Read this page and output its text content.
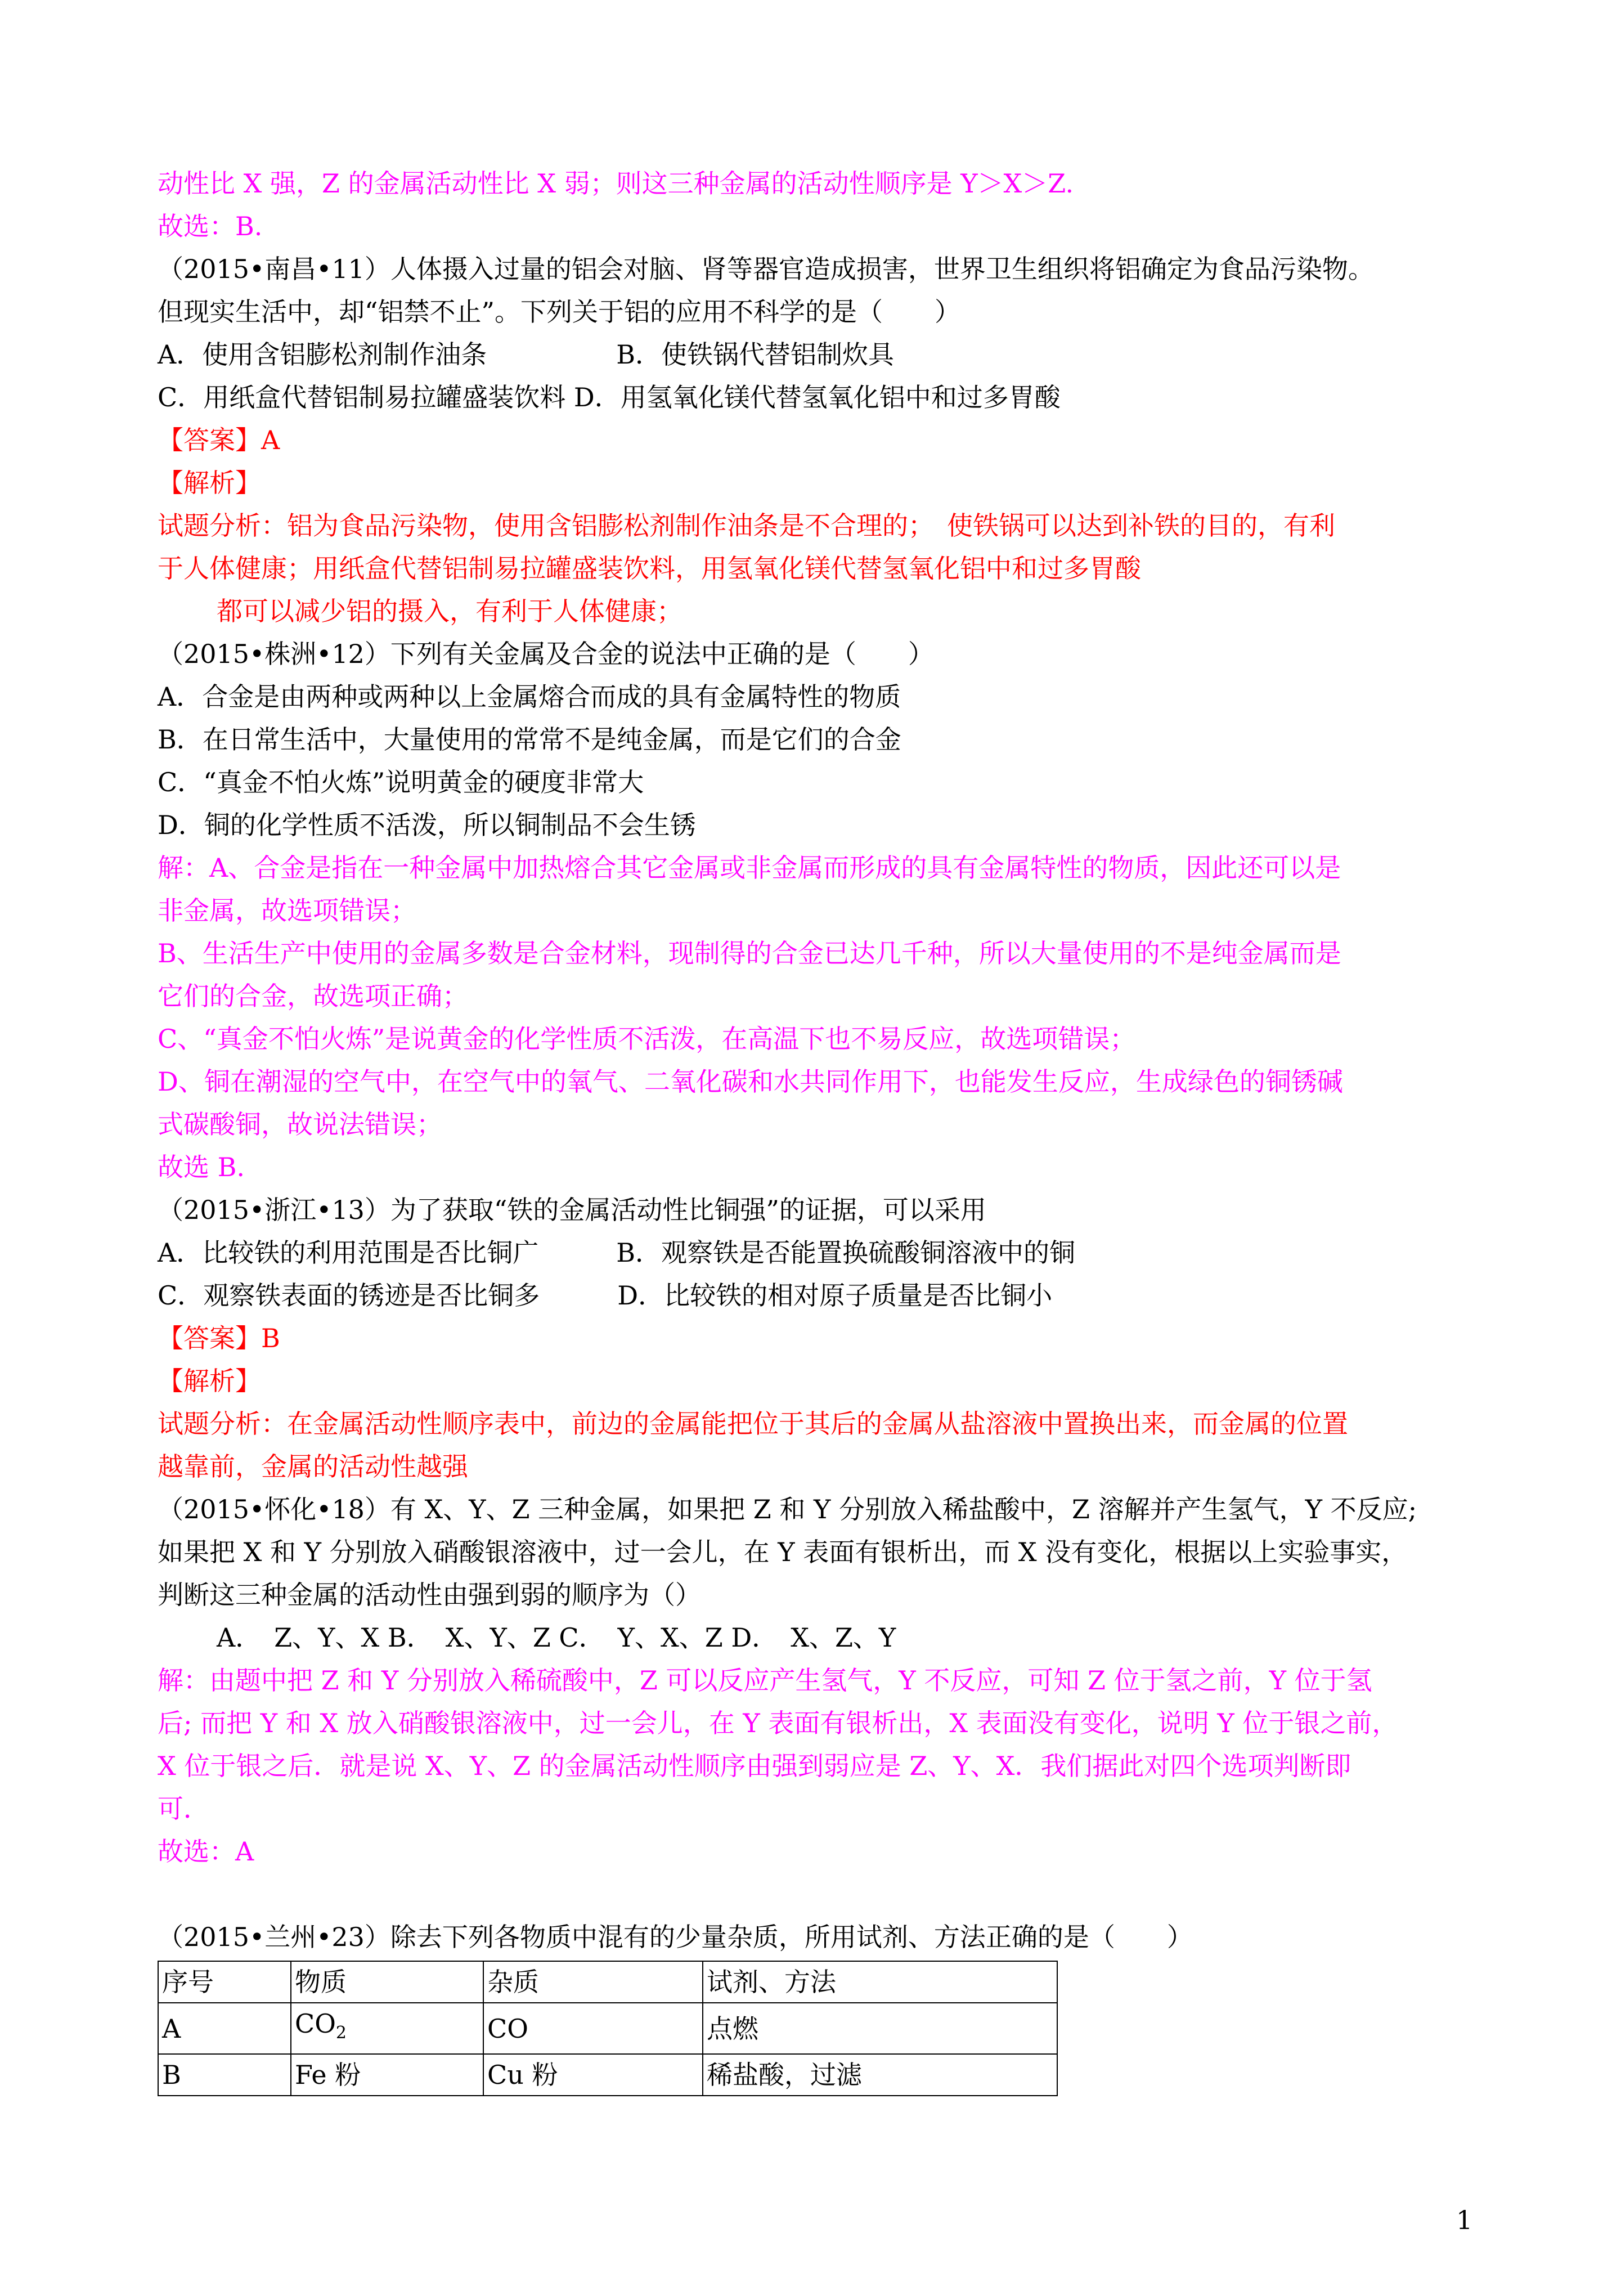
动性比 X 强，Z 的金属活动性比 X 弱；则这三种金属的活动性顺序是 Y＞X＞Z.
故选：B.
（2015•南昌•11）人体摄入过量的铝会对脑、肾等器官造成损害，世界卫生组织将铝确定为食品污染物。
但现实生活中，却“铝禁不止”。下列关于铝的应用不科学的是（　　）
A．使用含铝膨松剂制作油条　　　　　B．使铁锅代替铝制炊具
C．用纸盒代替铝制易拉罐盛装饮料 D．用氢氧化镁代替氢氧化铝中和过多胃酸
【答案】A
【解析】
试题分析：铝为食品污染物，使用含铝膨松剂制作油条是不合理的；　使铁锅可以达到补铁的目的，有利
于人体健康；用纸盒代替铝制易拉罐盛装饮料，用氢氧化镁代替氢氧化铝中和过多胃酸
都可以减少铝的摄入，有利于人体健康；
（2015•株洲•12）下列有关金属及合金的说法中正确的是（　　）
A．合金是由两种或两种以上金属熔合而成的具有金属特性的物质
B．在日常生活中，大量使用的常常不是纯金属，而是它们的合金
C．“真金不怕火炼”说明黄金的硬度非常大
D．铜的化学性质不活泼，所以铜制品不会生锈
解：A、合金是指在一种金属中加热熔合其它金属或非金属而形成的具有金属特性的物质，因此还可以是
非金属，故选项错误；
B、生活生产中使用的金属多数是合金材料，现制得的合金已达几千种，所以大量使用的不是纯金属而是
它们的合金，故选项正确；
C、“真金不怕火炼”是说黄金的化学性质不活泼，在高温下也不易反应，故选项错误；
D、铜在潮湿的空气中，在空气中的氧气、二氧化碳和水共同作用下，也能发生反应，生成绿色的铜锈碱
式碳酸铜，故说法错误；
故选 B.
（2015•浙江•13）为了获取“铁的金属活动性比铜强”的证据，可以采用
A．比较铁的利用范围是否比铜广　　　B．观察铁是否能置换硫酸铜溶液中的铜
C．观察铁表面的锈迹是否比铜多　　　D．比较铁的相对原子质量是否比铜小
【答案】B
【解析】
试题分析：在金属活动性顺序表中，前边的金属能把位于其后的金属从盐溶液中置换出来，而金属的位置
越靠前，金属的活动性越强
（2015•怀化•18）有 X、Y、Z 三种金属，如果把 Z 和 Y 分别放入稀盐酸中，Z 溶解并产生氢气，Y 不反应;
如果把 X 和 Y 分别放入硝酸银溶液中，过一会儿，在 Y 表面有银析出，而 X 没有变化，根据以上实验事实，
判断这三种金属的活动性由强到弱的顺序为（）
A．　Z、Y、X B．　X、Y、Z C．　Y、X、Z D．　X、Z、Y
解：由题中把 Z 和 Y 分别放入稀硫酸中，Z 可以反应产生氢气，Y 不反应，可知 Z 位于氢之前，Y 位于氢
后; 而把 Y 和 X 放入硝酸银溶液中，过一会儿，在 Y 表面有银析出，X 表面没有变化，说明 Y 位于银之前，
X 位于银之后．就是说 X、Y、Z 的金属活动性顺序由强到弱应是 Z、Y、X．我们据此对四个选项判断即
可．
故选：A
（2015•兰州•23）除去下列各物质中混有的少量杂质，所用试剂、方法正确的是（　　）
序号	物质	杂质	试剂、方法
A	$CO_2$	CO	点燃
B	Fe 粉	Cu 粉	稀盐酸，过滤
1
